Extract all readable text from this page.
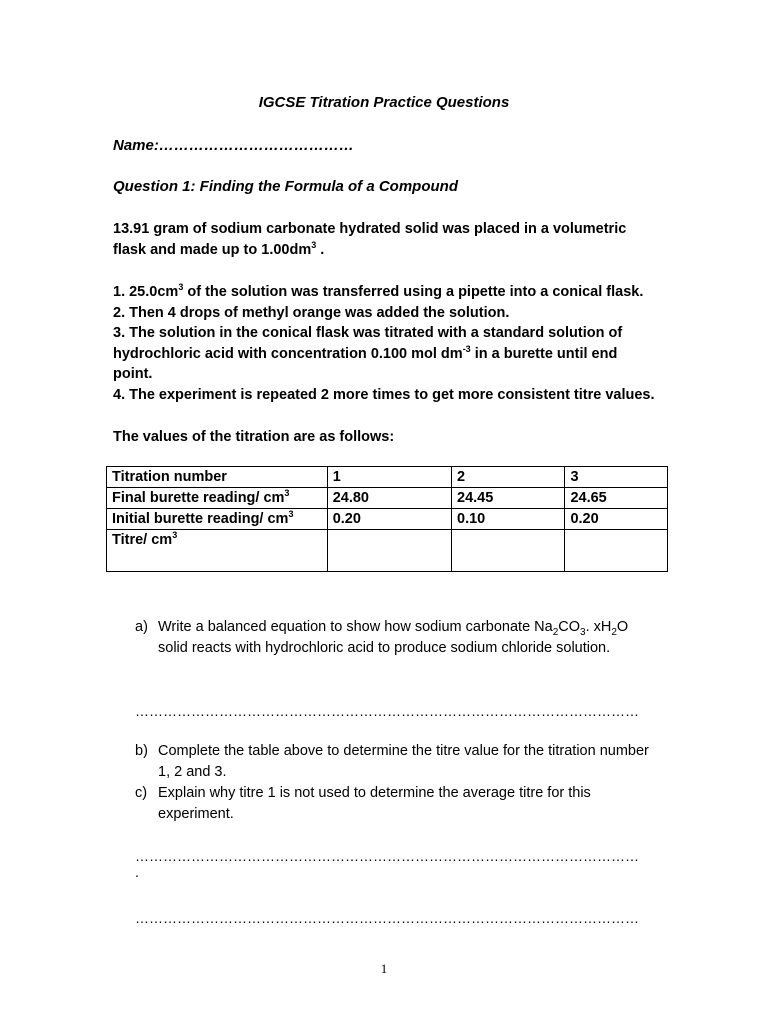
IGCSE Titration Practice Questions
Name:…………………………………
Question 1: Finding the Formula of a Compound

13.91 gram of sodium carbonate hydrated solid was placed in a volumetric

flask and made up to $1.00dm^3$ .

1. $25.0cm^3$ of the solution was transferred using a pipette into a conical flask.

2. Then 4 drops of methyl orange was added the solution.

3. The solution in the conical flask was titrated with a standard solution of

hydrochloric acid with concentration 0.100 mol $dm^{-3}$ in a burette until end

point.

4. The experiment is repeated 2 more times to get more consistent titre values.

The values of the titration are as follows:

Titration number	1	2	3
Final burette reading/ $cm^3$	24.80	24.45	24.65
Initial burette reading/ $cm^3$	0.20	0.10	0.20
Titre/ $cm^3$			
a) Write a balanced equation to show how sodium carbonate $Na_2CO_3$. $xH_2O$
solid reacts with hydrochloric acid to produce sodium chloride solution.
………………………………………………………………………………………………
b) Complete the table above to determine the titre value for the titration number
1, 2 and 3.
c) Explain why titre 1 is not used to determine the average titre for this
experiment.
………………………………………………………………………………………………
.
………………………………………………………………………………………………
1
